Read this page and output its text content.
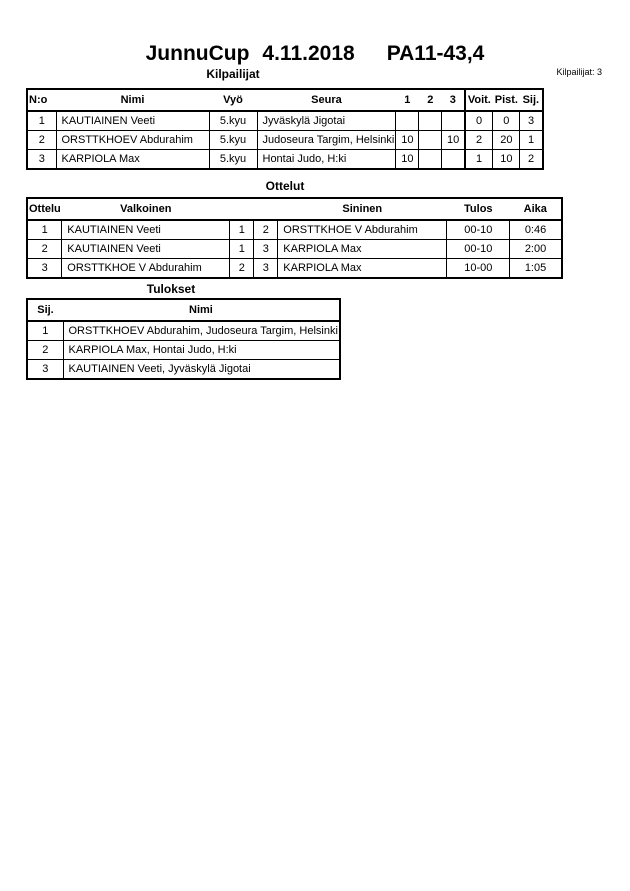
JunnuCup 4.11.2018 PA11-43,4
Kilpailijat	Kilpailijat: 3
N:o	Nimi	Vyö	Seura	1	2	3	Voit.	Pist.	Sij.
1	KAUTIAINEN Veeti	5.kyu	Jyväskylä Jigotai				0	0	3
2	ORSTTKHOEV Abdurahim	5.kyu	Judoseura Targim, Helsinki	10		10	2	20	1
3	KARPIOLA Max	5.kyu	Hontai Judo, H:ki	10			1	10	2
Ottelut
Ottelu	Valkoinen			Sininen	Tulos	Aika
1	KAUTIAINEN Veeti	1	2	ORSTTKHOE V Abdurahim	00-10	0:46
2	KAUTIAINEN Veeti	1	3	KARPIOLA Max	00-10	2:00
3	ORSTTKHOE V Abdurahim	2	3	KARPIOLA Max	10-00	1:05
Tulokset
Sij.	Nimi
1	ORSTTKHOEV Abdurahim, Judoseura Targim, Helsinki
2	KARPIOLA Max, Hontai Judo, H:ki
3	KAUTIAINEN Veeti, Jyväskylä Jigotai
